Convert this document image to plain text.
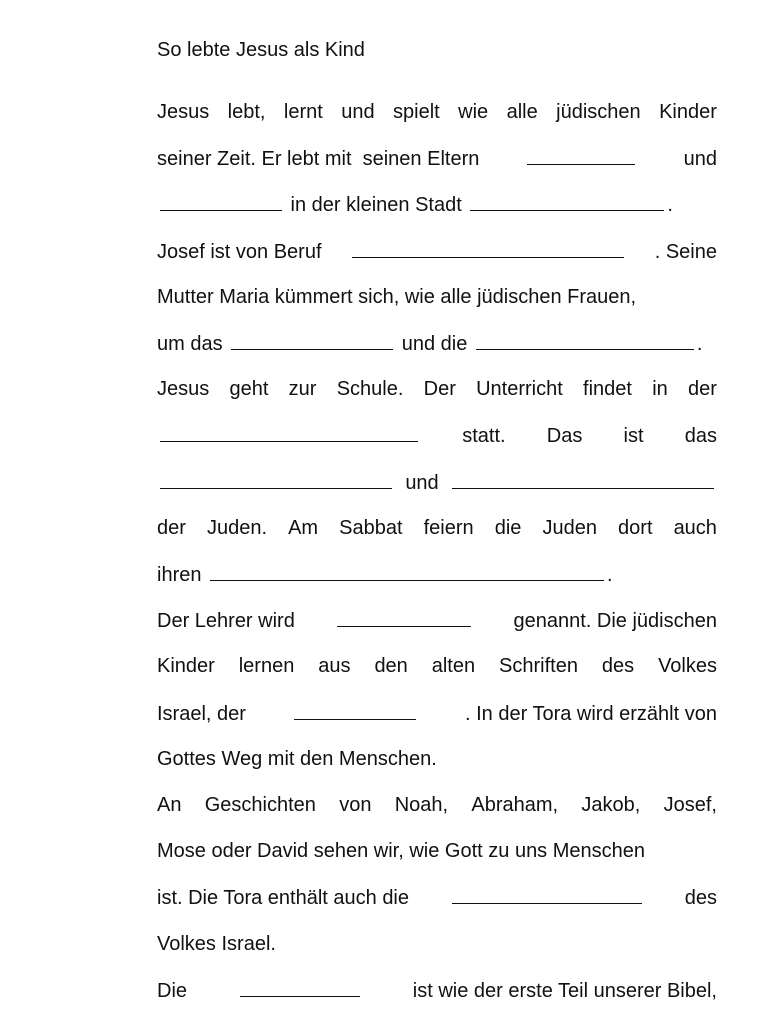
So lebte Jesus als Kind
Jesus lebt, lernt und spielt wie alle jüdischen Kinder
seiner Zeit. Er lebt mit  seinen Eltern	und
in der kleinen Stadt	.
Josef ist von Beruf	. Seine
Mutter Maria kümmert sich, wie alle jüdischen Frauen,
um das	und die	.
Jesus geht zur Schule. Der Unterricht findet in der
statt. Das ist das
und
der Juden. Am Sabbat feiern die Juden dort auch
ihren	.
Der Lehrer wird	genannt. Die jüdischen
Kinder lernen aus den alten Schriften des Volkes
Israel, der	. In der Tora wird erzählt von
Gottes Weg mit den Menschen.
An Geschichten von Noah, Abraham, Jakob, Josef,
Mose oder David sehen wir, wie Gott zu uns Menschen
ist. Die Tora enthält auch die	des
Volkes Israel.
Die	ist wie der erste Teil unserer Bibel,
